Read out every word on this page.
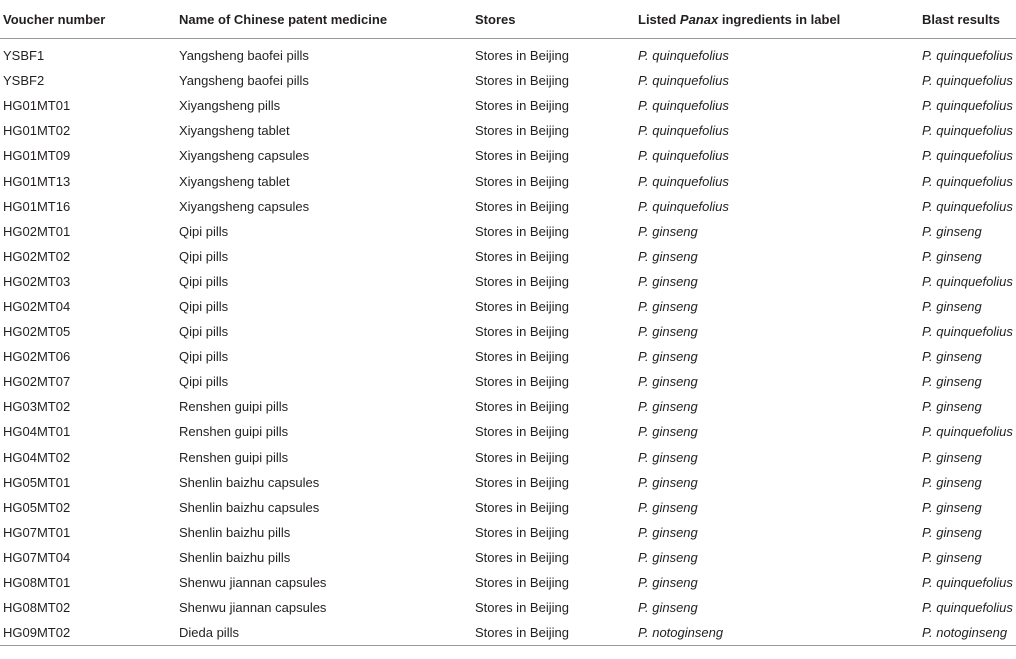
Voucher number	Name of Chinese patent medicine	Stores	Listed Panax ingredients in label	Blast results
YSBF1	Yangsheng baofei pills	Stores in Beijing	P. quinquefolius	P. quinquefolius
YSBF2	Yangsheng baofei pills	Stores in Beijing	P. quinquefolius	P. quinquefolius
HG01MT01	Xiyangsheng pills	Stores in Beijing	P. quinquefolius	P. quinquefolius
HG01MT02	Xiyangsheng tablet	Stores in Beijing	P. quinquefolius	P. quinquefolius
HG01MT09	Xiyangsheng capsules	Stores in Beijing	P. quinquefolius	P. quinquefolius
HG01MT13	Xiyangsheng tablet	Stores in Beijing	P. quinquefolius	P. quinquefolius
HG01MT16	Xiyangsheng capsules	Stores in Beijing	P. quinquefolius	P. quinquefolius
HG02MT01	Qipi pills	Stores in Beijing	P. ginseng	P. ginseng
HG02MT02	Qipi pills	Stores in Beijing	P. ginseng	P. ginseng
HG02MT03	Qipi pills	Stores in Beijing	P. ginseng	P. quinquefolius
HG02MT04	Qipi pills	Stores in Beijing	P. ginseng	P. ginseng
HG02MT05	Qipi pills	Stores in Beijing	P. ginseng	P. quinquefolius
HG02MT06	Qipi pills	Stores in Beijing	P. ginseng	P. ginseng
HG02MT07	Qipi pills	Stores in Beijing	P. ginseng	P. ginseng
HG03MT02	Renshen guipi pills	Stores in Beijing	P. ginseng	P. ginseng
HG04MT01	Renshen guipi pills	Stores in Beijing	P. ginseng	P. quinquefolius
HG04MT02	Renshen guipi pills	Stores in Beijing	P. ginseng	P. ginseng
HG05MT01	Shenlin baizhu capsules	Stores in Beijing	P. ginseng	P. ginseng
HG05MT02	Shenlin baizhu capsules	Stores in Beijing	P. ginseng	P. ginseng
HG07MT01	Shenlin baizhu pills	Stores in Beijing	P. ginseng	P. ginseng
HG07MT04	Shenlin baizhu pills	Stores in Beijing	P. ginseng	P. ginseng
HG08MT01	Shenwu jiannan capsules	Stores in Beijing	P. ginseng	P. quinquefolius
HG08MT02	Shenwu jiannan capsules	Stores in Beijing	P. ginseng	P. quinquefolius
HG09MT02	Dieda pills	Stores in Beijing	P. notoginseng	P. notoginseng
